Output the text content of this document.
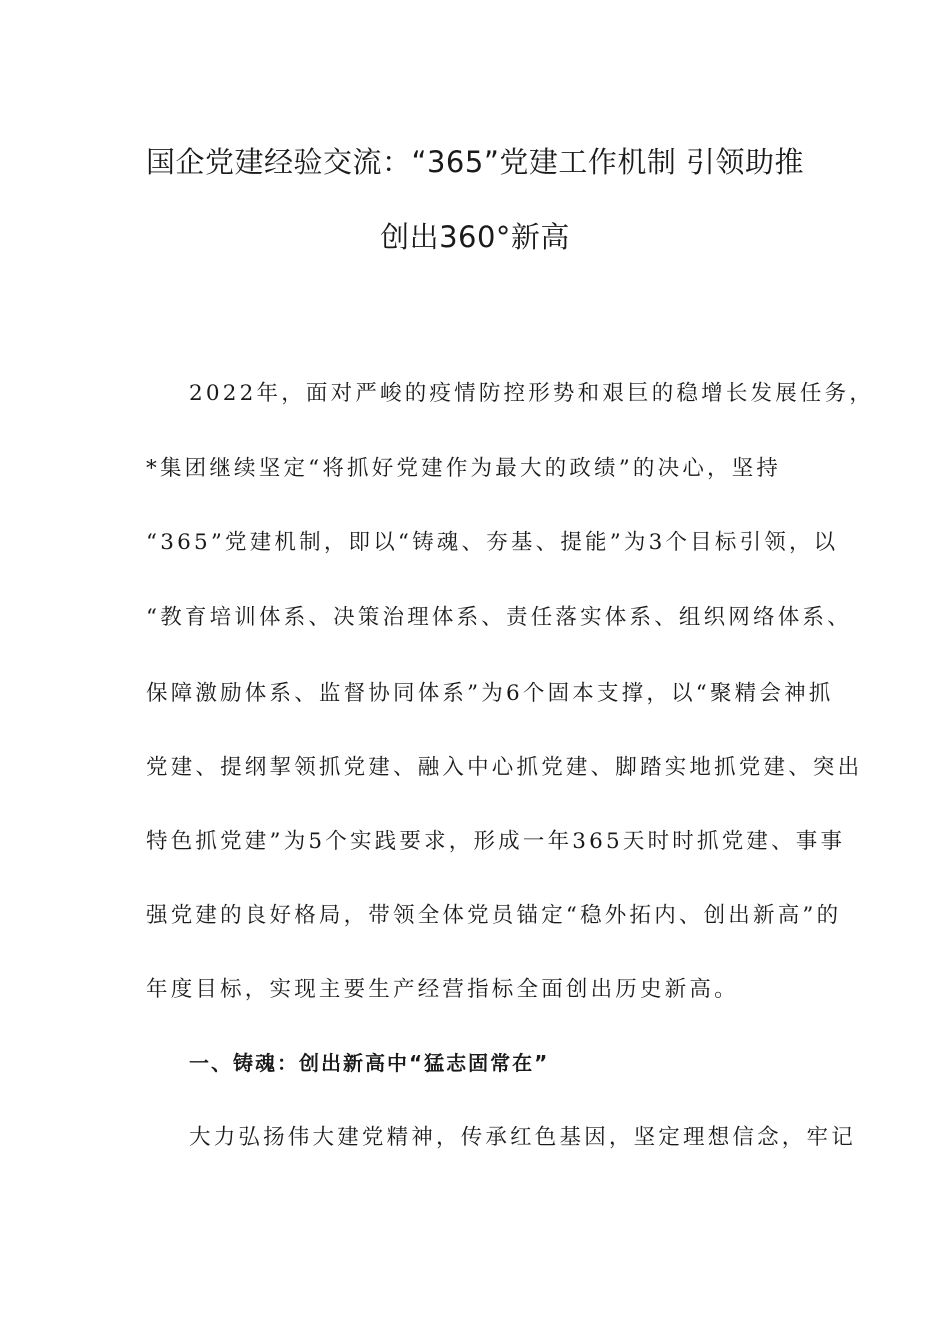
国企党建经验交流：“365”党建工作机制 引领助推
创出360°新高
2022年，面对严峻的疫情防控形势和艰巨的稳增长发展任务，
*集团继续坚定“将抓好党建作为最大的政绩”的决心，坚持
“365”党建机制，即以“铸魂、夯基、提能”为3个目标引领，以
“教育培训体系、决策治理体系、责任落实体系、组织网络体系、
保障激励体系、监督协同体系”为6个固本支撑，以“聚精会神抓
党建、提纲挈领抓党建、融入中心抓党建、脚踏实地抓党建、突出
特色抓党建”为5个实践要求，形成一年365天时时抓党建、事事
强党建的良好格局，带领全体党员锚定“稳外拓内、创出新高”的
年度目标，实现主要生产经营指标全面创出历史新高。
一、铸魂：创出新高中“猛志固常在”
大力弘扬伟大建党精神，传承红色基因，坚定理想信念，牢记
